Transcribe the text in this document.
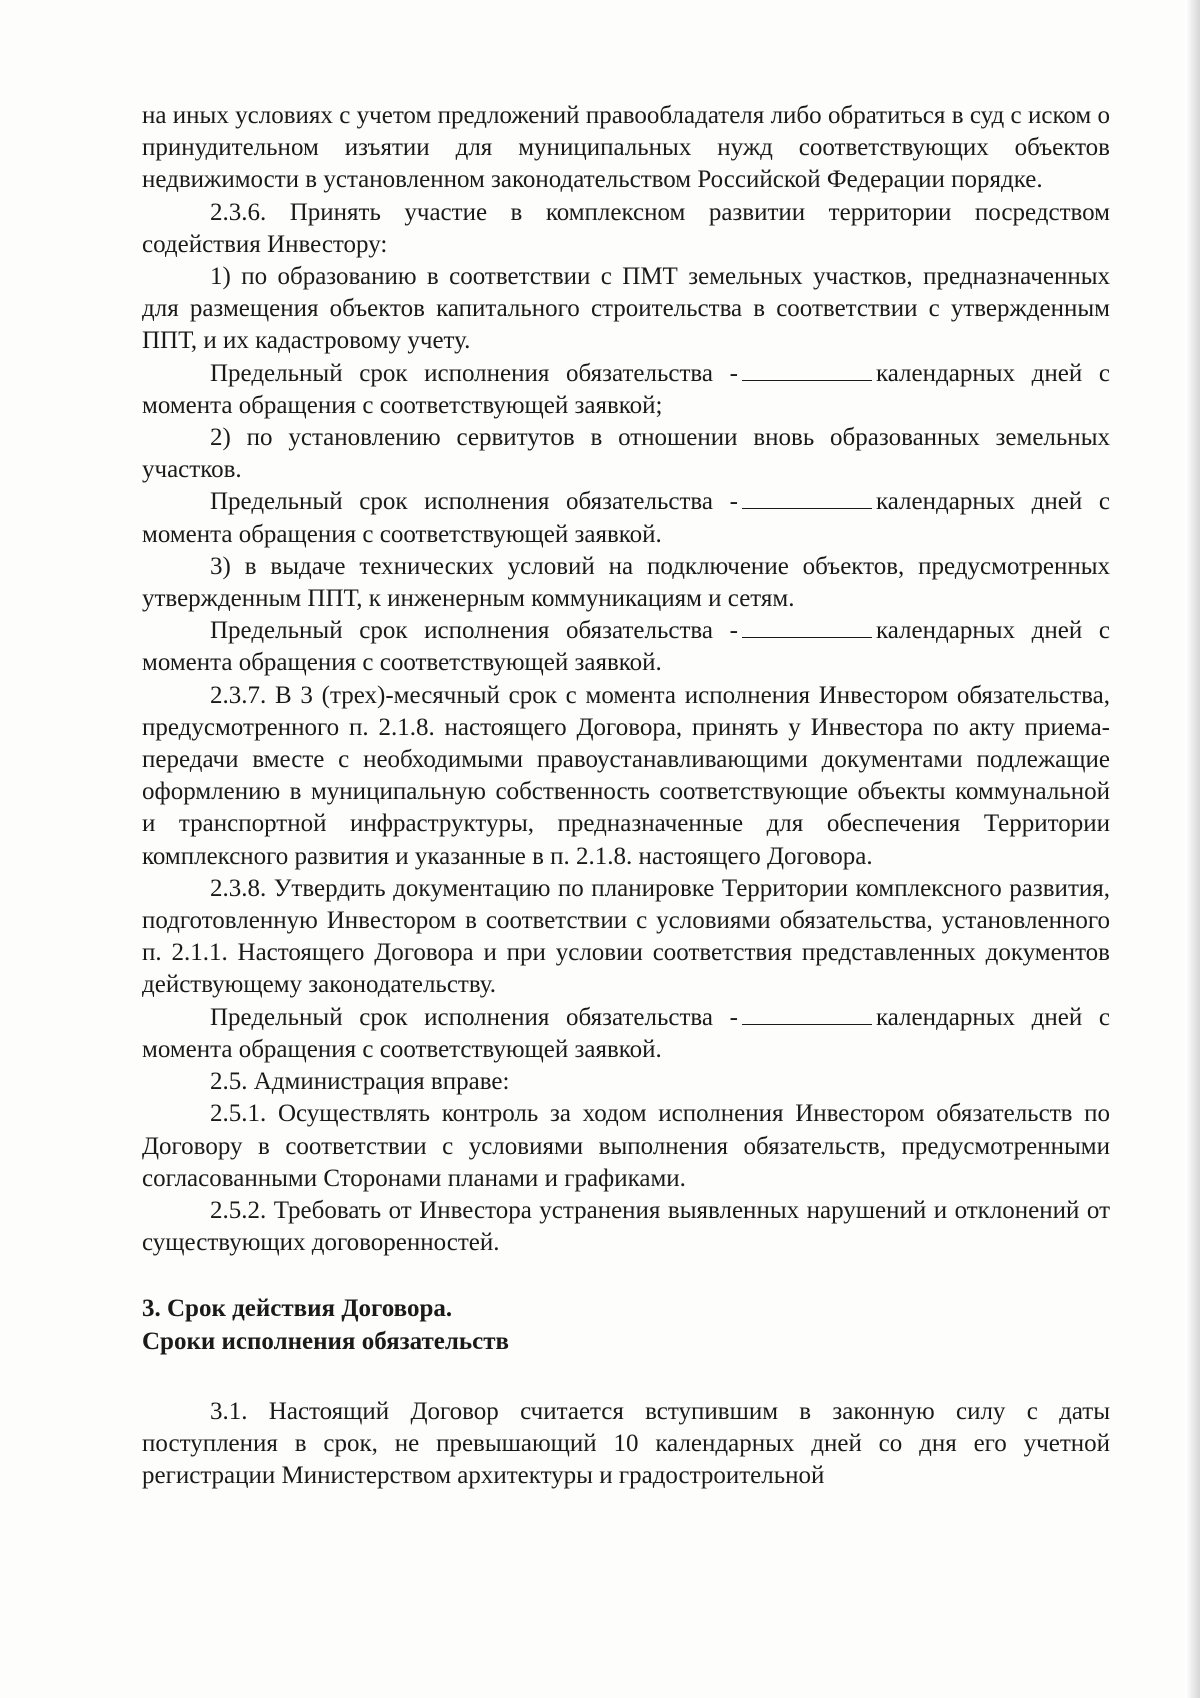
на иных условиях с учетом предложений правообладателя либо обратиться в суд с иском о принудительном изъятии для муниципальных нужд соответствующих объектов недвижимости в установленном законодательством Российской Федерации порядке.

2.3.6. Принять участие в комплексном развитии территории посредством содействия Инвестору:

1) по образованию в соответствии с ПМТ земельных участков, предназначенных для размещения объектов капитального строительства в соответствии с утвержденным ППТ, и их кадастровому учету.

Предельный срок исполнения обязательства -	календарных дней с момента обращения с соответствующей заявкой;

2) по установлению сервитутов в отношении вновь образованных земельных участков.

Предельный срок исполнения обязательства -	календарных дней с момента обращения с соответствующей заявкой.

3) в выдаче технических условий на подключение объектов, предусмотренных утвержденным ППТ, к инженерным коммуникациям и сетям.

Предельный срок исполнения обязательства -	календарных дней с момента обращения с соответствующей заявкой.

2.3.7. В 3 (трех)-месячный срок с момента исполнения Инвестором обязательства, предусмотренного п. 2.1.8. настоящего Договора, принять у Инвестора по акту приема-передачи вместе с необходимыми правоустанавливающими документами подлежащие оформлению в муниципальную собственность соответствующие объекты коммунальной и транспортной инфраструктуры, предназначенные для обеспечения Территории комплексного развития и указанные в п. 2.1.8. настоящего Договора.

2.3.8. Утвердить документацию по планировке Территории комплексного развития, подготовленную Инвестором в соответствии с условиями обязательства, установленного п. 2.1.1. Настоящего Договора и при условии соответствия представленных документов действующему законодательству.

Предельный срок исполнения обязательства -	календарных дней с момента обращения с соответствующей заявкой.

2.5. Администрация вправе:

2.5.1. Осуществлять контроль за ходом исполнения Инвестором обязательств по Договору в соответствии с условиями выполнения обязательств, предусмотренными согласованными Сторонами планами и графиками.

2.5.2. Требовать от Инвестора устранения выявленных нарушений и отклонений от существующих договоренностей.

3. Срок действия Договора.

Сроки исполнения обязательств

3.1. Настоящий Договор считается вступившим в законную силу с даты поступления в срок, не превышающий 10 календарных дней со дня его учетной регистрации Министерством архитектуры и градостроительной
